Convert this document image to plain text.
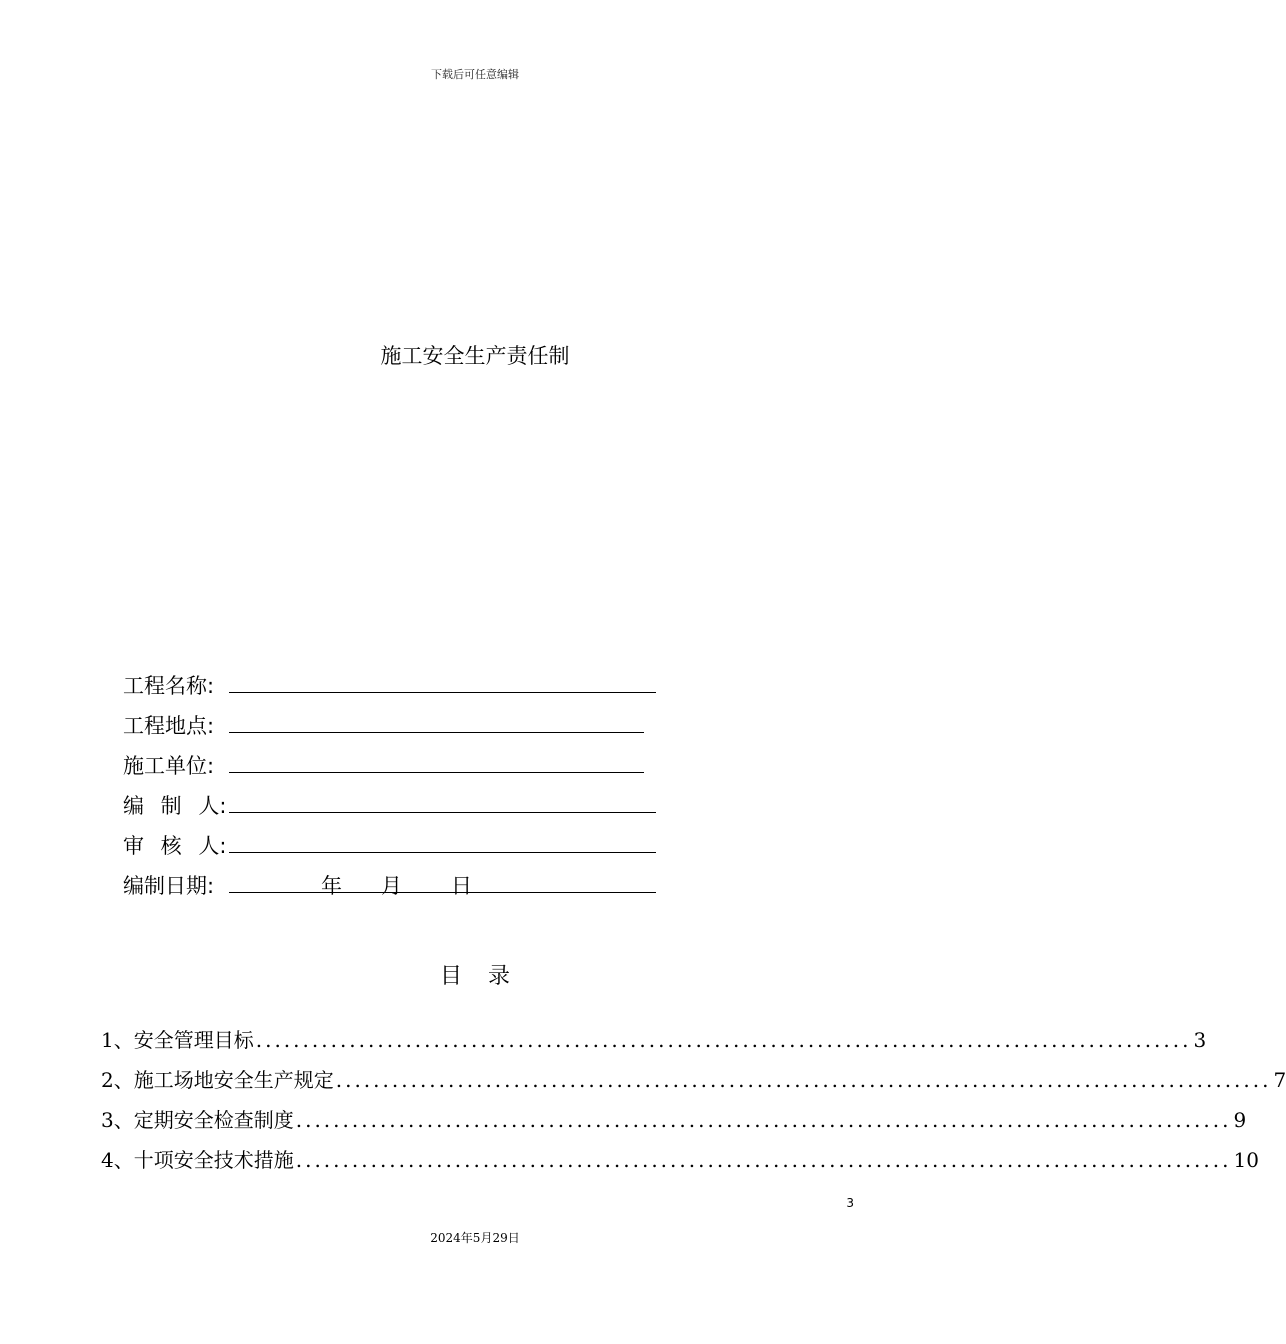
下载后可任意编辑
施工安全生产责任制
工程名称:
工程地点:
施工单位:
编 制 人:
审 核 人:
编制日期:	年 月 日
目录
1、 安全管理目标 .................................................................................................... 3
2、 施工场地安全生产规定 .................................................................................................... 7
3、 定期安全检查制度 .................................................................................................... 9
4、 十项安全技术措施 .................................................................................................... 10
3
2024年5月29日
